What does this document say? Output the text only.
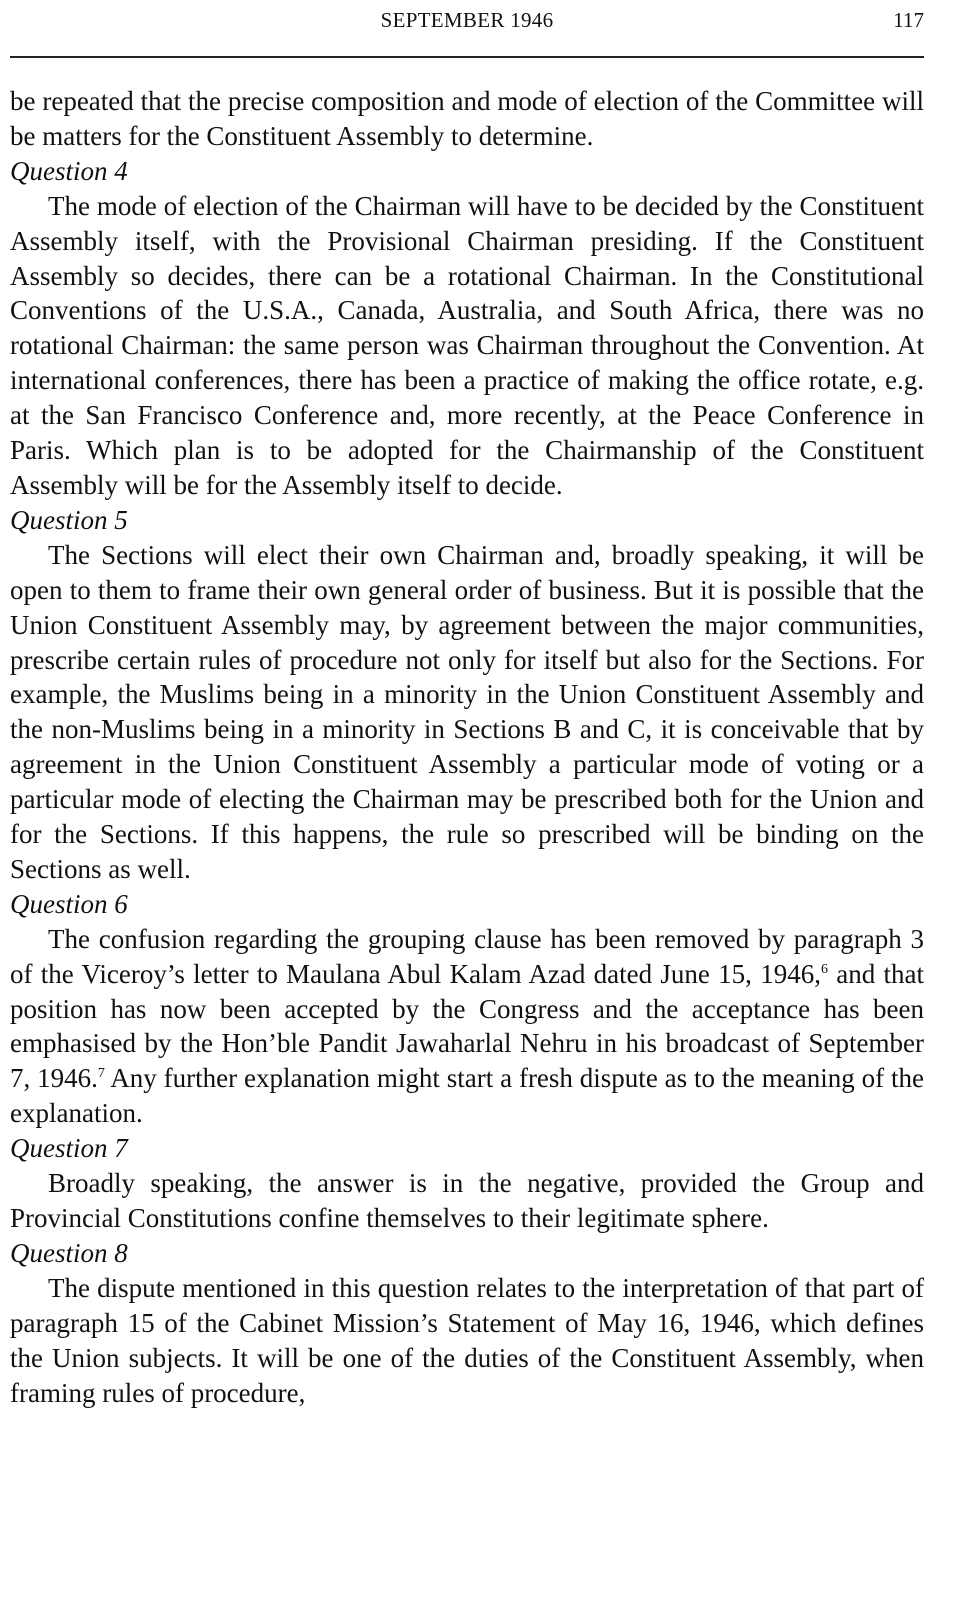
SEPTEMBER 1946	117

be repeated that the precise composition and mode of election of the Committee will be matters for the Constituent Assembly to determine.

Question 4

The mode of election of the Chairman will have to be decided by the Constituent Assembly itself, with the Provisional Chairman presiding. If the Constituent Assembly so decides, there can be a rotational Chairman. In the Constitutional Conventions of the U.S.A., Canada, Australia, and South Africa, there was no rotational Chairman: the same person was Chairman throughout the Convention. At international conferences, there has been a practice of making the office rotate, e.g. at the San Francisco Conference and, more recently, at the Peace Conference in Paris. Which plan is to be adopted for the Chairmanship of the Constituent Assembly will be for the Assembly itself to decide.

Question 5

The Sections will elect their own Chairman and, broadly speaking, it will be open to them to frame their own general order of business. But it is possible that the Union Constituent Assembly may, by agreement between the major communities, prescribe certain rules of procedure not only for itself but also for the Sections. For example, the Muslims being in a minority in the Union Constituent Assembly and the non-Muslims being in a minority in Sections B and C, it is conceivable that by agreement in the Union Constituent Assembly a particular mode of voting or a particular mode of electing the Chairman may be prescribed both for the Union and for the Sections. If this happens, the rule so prescribed will be binding on the Sections as well.

Question 6

The confusion regarding the grouping clause has been removed by paragraph 3 of the Viceroy’s letter to Maulana Abul Kalam Azad dated June 15, 1946,$^6$ and that position has now been accepted by the Congress and the acceptance has been emphasised by the Hon’ble Pandit Jawaharlal Nehru in his broadcast of September 7, 1946.$^7$ Any further explanation might start a fresh dispute as to the meaning of the explanation.

Question 7

Broadly speaking, the answer is in the negative, provided the Group and Provincial Constitutions confine themselves to their legitimate sphere.

Question 8

The dispute mentioned in this question relates to the interpretation of that part of paragraph 15 of the Cabinet Mission’s Statement of May 16, 1946, which defines the Union subjects. It will be one of the duties of the Constituent Assembly, when framing rules of procedure,
